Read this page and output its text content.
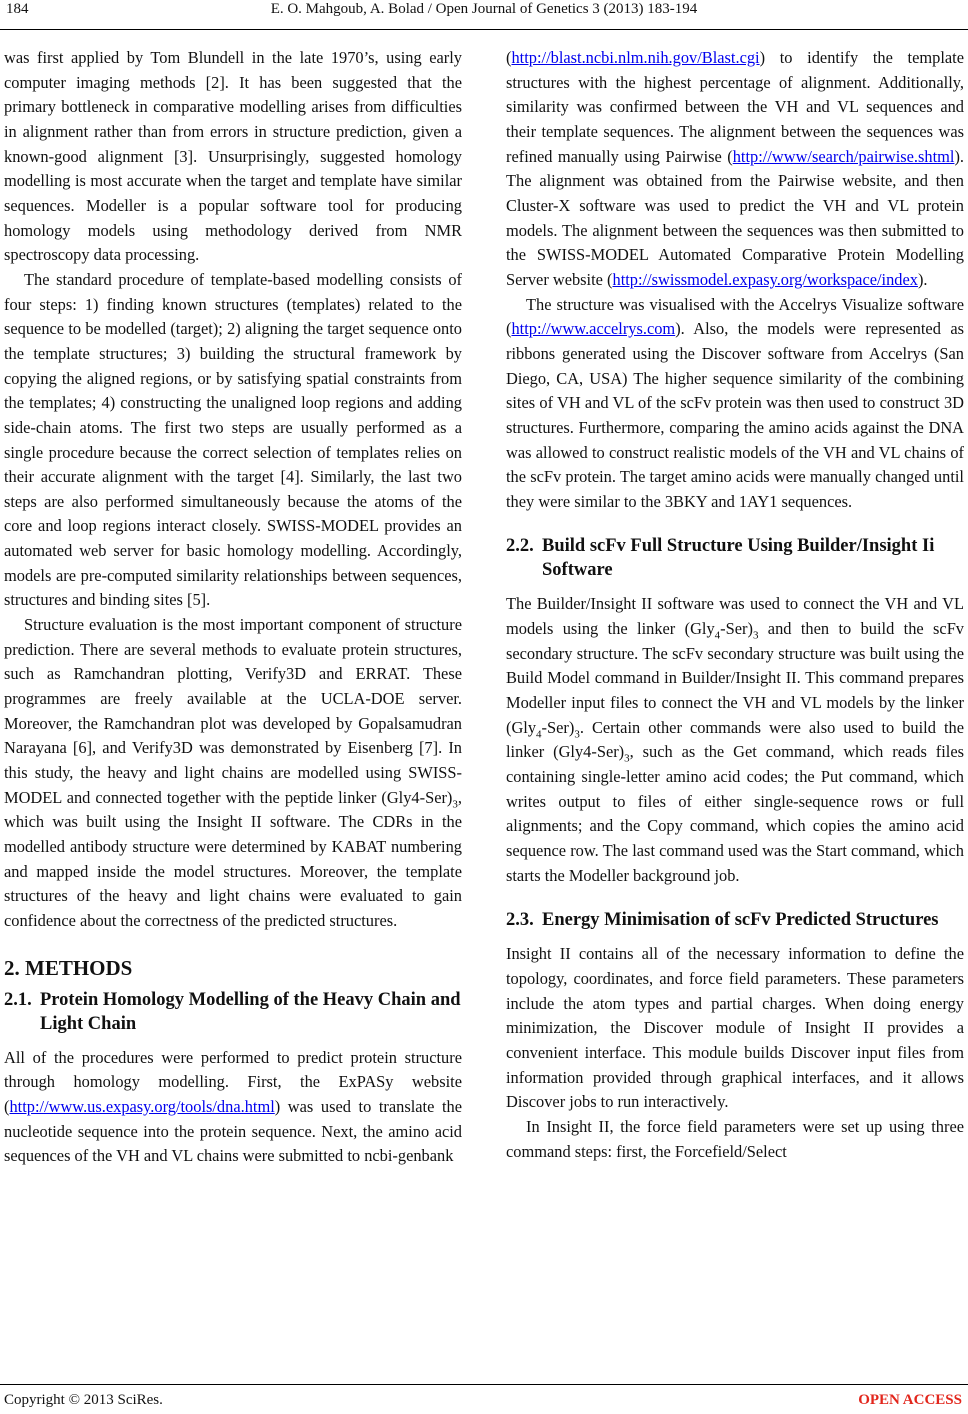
184	E. O. Mahgoub, A. Bolad / Open Journal of Genetics 3 (2013) 183-194

was first applied by Tom Blundell in the late 1970’s, using early computer imaging methods [2]. It has been suggested that the primary bottleneck in comparative modelling arises from difficulties in alignment rather than from errors in structure prediction, given a known-good alignment [3]. Unsurprisingly, suggested homology modelling is most accurate when the target and template have similar sequences. Modeller is a popular software tool for producing homology models using methodology derived from NMR spectroscopy data processing.

The standard procedure of template-based modelling consists of four steps: 1) finding known structures (templates) related to the sequence to be modelled (target); 2) aligning the target sequence onto the template structures; 3) building the structural framework by copying the aligned regions, or by satisfying spatial constraints from the templates; 4) constructing the unaligned loop regions and adding side-chain atoms. The first two steps are usually performed as a single procedure because the correct selection of templates relies on their accurate alignment with the target [4]. Similarly, the last two steps are also performed simultaneously because the atoms of the core and loop regions interact closely. SWISS-MODEL provides an automated web server for basic homology modelling. Accordingly, models are pre-computed similarity relationships between sequences, structures and binding sites [5].

Structure evaluation is the most important component of structure prediction. There are several methods to evaluate protein structures, such as Ramchandran plotting, Verify3D and ERRAT. These programmes are freely available at the UCLA-DOE server. Moreover, the Ramchandran plot was developed by Gopalsamudran Narayana [6], and Verify3D was demonstrated by Eisenberg [7]. In this study, the heavy and light chains are modelled using SWISS-MODEL and connected together with the peptide linker $(Gly4-Ser)_3$, which was built using the Insight II software. The CDRs in the modelled antibody structure were determined by KABAT numbering and mapped inside the model structures. Moreover, the template structures of the heavy and light chains were evaluated to gain confidence about the correctness of the predicted structures.

2. METHODS
2.1. Protein Homology Modelling of the Heavy Chain and Light Chain

All of the procedures were performed to predict protein structure through homology modelling. First, the ExPASy website (http://www.us.expasy.org/tools/dna.html) was used to translate the nucleotide sequence into the protein sequence. Next, the amino acid sequences of the VH and VL chains were submitted to ncbi-genbank

(http://blast.ncbi.nlm.nih.gov/Blast.cgi) to identify the template structures with the highest percentage of alignment. Additionally, similarity was confirmed between the VH and VL sequences and their template sequences. The alignment between the sequences was refined manually using Pairwise (http://www/search/pairwise.shtml). The alignment was obtained from the Pairwise website, and then Cluster-X software was used to predict the VH and VL protein models. The alignment between the sequences was then submitted to the SWISS-MODEL Automated Comparative Protein Modelling Server website (http://swissmodel.expasy.org/workspace/index).

The structure was visualised with the Accelrys Visualize software (http://www.accelrys.com). Also, the models were represented as ribbons generated using the Discover software from Accelrys (San Diego, CA, USA) The higher sequence similarity of the combining sites of VH and VL of the scFv protein was then used to construct 3D structures. Furthermore, comparing the amino acids against the DNA was allowed to construct realistic models of the VH and VL chains of the scFv protein. The target amino acids were manually changed until they were similar to the 3BKY and 1AY1 sequences.

2.2. Build scFv Full Structure Using Builder/Insight Ii Software

The Builder/Insight II software was used to connect the VH and VL models using the linker $(Gly_4-Ser)_3$ and then to build the scFv secondary structure. The scFv secondary structure was built using the Build Model command in Builder/Insight II. This command prepares Modeller input files to connect the VH and VL models by the linker $(Gly_4-Ser)_3$. Certain other commands were also used to build the linker $(Gly4-Ser)_3$, such as the Get command, which reads files containing single-letter amino acid codes; the Put command, which writes output to files of either single-sequence rows or full alignments; and the Copy command, which copies the amino acid sequence row. The last command used was the Start command, which starts the Modeller background job.

2.3. Energy Minimisation of scFv Predicted Structures

Insight II contains all of the necessary information to define the topology, coordinates, and force field parameters. These parameters include the atom types and partial charges. When doing energy minimization, the Discover module of Insight II provides a convenient interface. This module builds Discover input files from information provided through graphical interfaces, and it allows Discover jobs to run interactively.

In Insight II, the force field parameters were set up using three command steps: first, the Forcefield/Select

Copyright © 2013 SciRes.	OPEN ACCESS
